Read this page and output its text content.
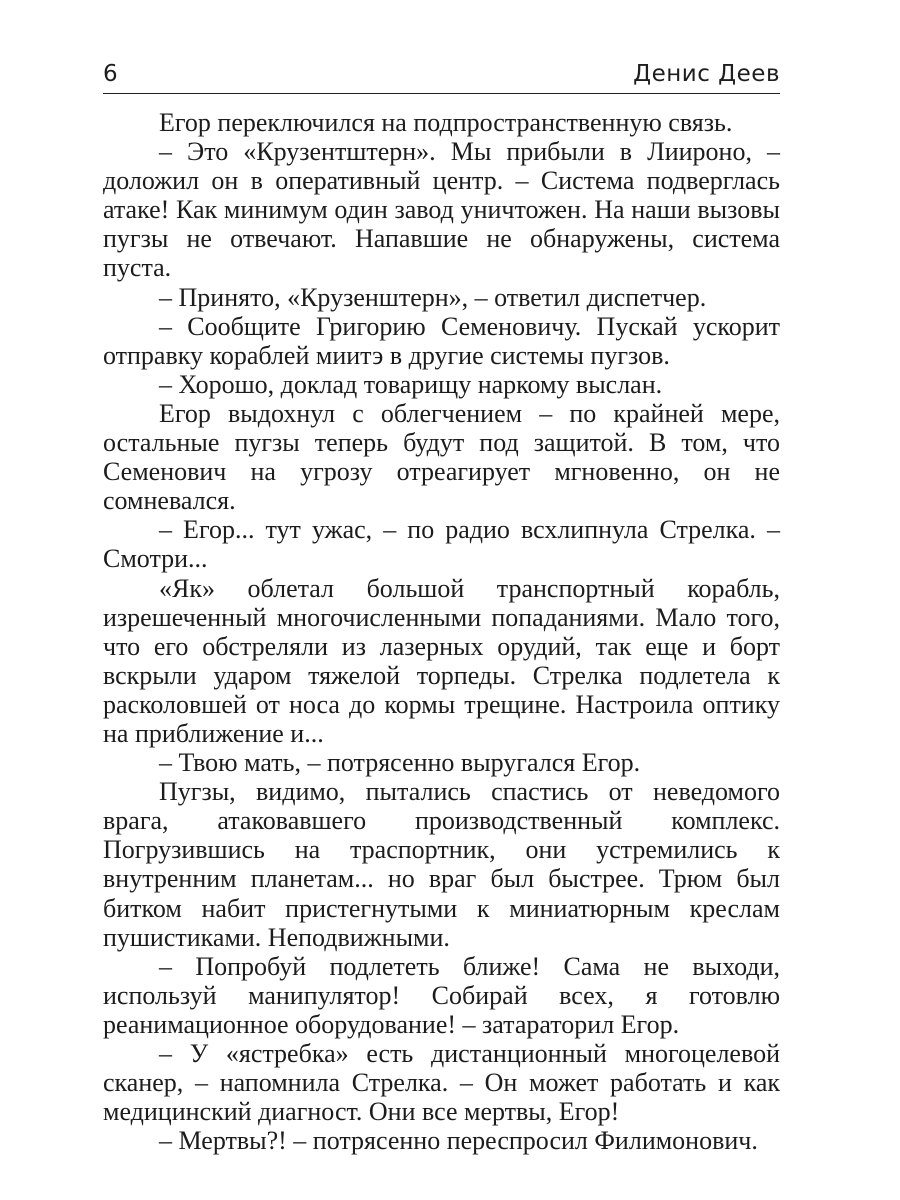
6	Денис Деев

Егор переключился на подпространственную связь.

– Это «Крузентштерн». Мы прибыли в Лиироно, – доложил он в оперативный центр. – Система подверглась атаке! Как минимум один завод уничтожен. На наши вызовы пугзы не отвечают. Напавшие не обнаружены, система пуста.

– Принято, «Крузенштерн», – ответил диспетчер.

– Сообщите Григорию Семеновичу. Пускай ускорит отправку кораблей миитэ в другие системы пугзов.

– Хорошо, доклад товарищу наркому выслан.

Егор выдохнул с облегчением – по крайней мере, остальные пугзы теперь будут под защитой. В том, что Семенович на угрозу отреагирует мгновенно, он не сомневался.

– Егор... тут ужас, – по радио всхлипнула Стрелка. – Смотри...

«Як» облетал большой транспортный корабль, изрешеченный многочисленными попаданиями. Мало того, что его обстреляли из лазерных орудий, так еще и борт вскрыли ударом тяжелой торпеды. Стрелка подлетела к расколовшей от носа до кормы трещине. Настроила оптику на приближение и...

– Твою мать, – потрясенно выругался Егор.

Пугзы, видимо, пытались спастись от неведомого врага, атаковавшего производственный комплекс. Погрузившись на траспортник, они устремились к внутренним планетам... но враг был быстрее. Трюм был битком набит пристегнутыми к миниатюрным креслам пушистиками. Неподвижными.

– Попробуй подлететь ближе! Сама не выходи, используй манипулятор! Собирай всех, я готовлю реанимационное оборудование! – затараторил Егор.

– У «ястребка» есть дистанционный многоцелевой сканер, – напомнила Стрелка. – Он может работать и как медицинский диагност. Они все мертвы, Егор!

– Мертвы?! – потрясенно переспросил Филимонович.
